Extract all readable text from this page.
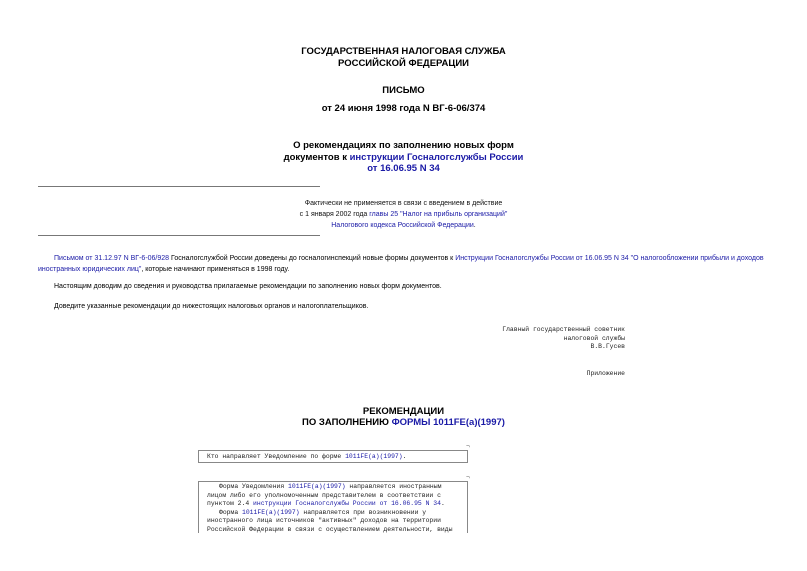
ГОСУДАРСТВЕННАЯ НАЛОГОВАЯ СЛУЖБА
РОССИЙСКОЙ ФЕДЕРАЦИИ
ПИСЬМО
от 24 июня 1998 года N ВГ-6-06/374
О рекомендациях по заполнению новых форм
документов к инструкции Госналогслужбы России
от 16.06.95 N 34
Фактически не применяется в связи с введением в действие
с 1 января 2002 года главы 25 "Налог на прибыль организаций"
Налогового кодекса Российской Федерации.
Письмом от 31.12.97 N ВГ-6-06/928 Госналогслужбой России доведены до госналогинспекций новые формы документов к Инструкции Госналогслужбы России от 16.06.95 N 34 "О налогообложении прибыли и доходов иностранных юридических лиц", которые начинают применяться в 1998 году.
Настоящим доводим до сведения и руководства прилагаемые рекомендации по заполнению новых форм документов.
Доведите указанные рекомендации до нижестоящих налоговых органов и налогоплательщиков.
Главный государственный советник
налоговой службы
В.В.Гусев
Приложение
РЕКОМЕНДАЦИИ
ПО ЗАПОЛНЕНИЮ ФОРМЫ 1011FE(a)(1997)
¬
Кто направляет Уведомление по форме 1011FE(a)(1997).
¬
Форма Уведомления 1011FE(a)(1997) направляется иностранным
лицом либо его уполномоченным представителем в соответствии с
пунктом 2.4 инструкции Госналогслужбы России от 16.06.95 N 34.
Форма 1011FE(a)(1997) направляется при возникновении у
иностранного лица источников "активных" доходов на территории
Российской Федерации в связи с осуществлением деятельности, виды
